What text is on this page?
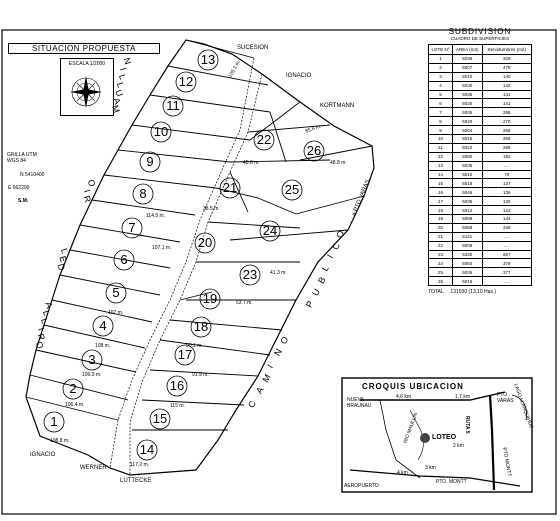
SITUACION PROPUESTA
ESCALA 1/2000
GRILLA UTM
WGS 84
N 5410400
E 662200
S.M.
SUBDIVISION
CUADRO DE SUPERFICIES
LOTE N°	AREA (m2)	Servidumbres (m2)
1	5038	328
2	5007	478
3	5010	140
4	5030	142
5	5035	141
6	5020	141
7	5005	288
8	5020	270
9	5004	268
10	5016	258
11	5022	289
12	5080	182
13	5035	....
14	5010	70
15	5018	137
16	5046	136
17	5035	130
18	5012	122
19	5009	144
20	5058	338
21	5121	....
22	5009	....
23	5330	667
24	5084	378
25	5035	377
26	5015	....
TOTAL 131030 (13,10 Has.)
SUCESION
IGNACIO
KORTMANN
IGNACIO
WERNER
LUTTECKE
a PTO.VARAS
C
A
M
I
N
O
P
U
B
L
I
C
O
O
R
I
L
L
A
D
E
L
R
I
O
M
A
U
L
L
I
N
1
2
3
4
5
6
7
8
9
10
11
12
13
14
15
16
17
18
19
20
21
22
23
24
25
26
108.8 m.
106.4 m.
106.3 m.
108 m.
107 m.
114.5 m.
126.3 m.
85.6 m.
107.1 m.
38.5 m.
45.6 m.
53.7 m.
115 m.
117.2 m.
90.1 m.
91.9 m.
41.3 m.
48.8 m.
CROQUIS UBICACION
NUEVA BRAUNAU
PTO VARAS
LAGO LLANQUIHUE
RUTA 5
RIO MAULLIN LOTEO
4,6 km	1,7 km
3 km
2 km
4 km
AEROPUERTO
PTO. MONTT
PTO MONTT
